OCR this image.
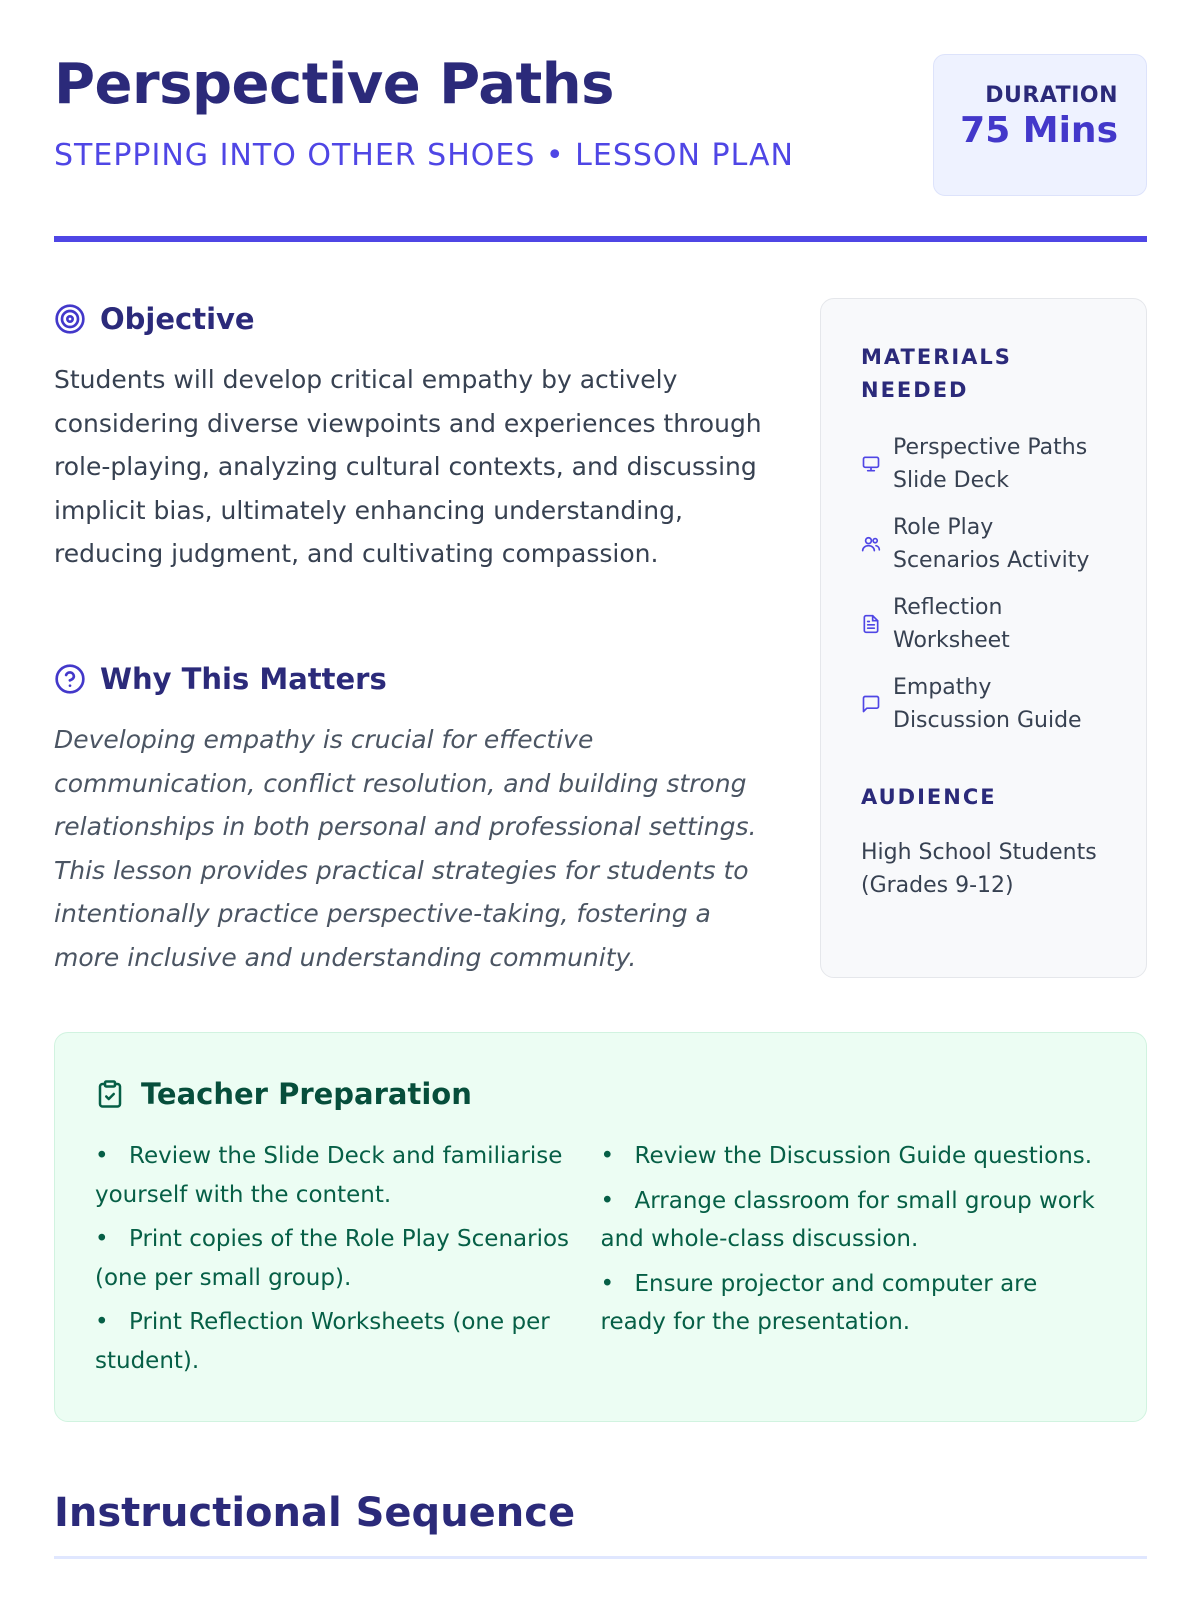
Perspective Paths
STEPPING INTO OTHER SHOES • LESSON PLAN
DURATION
75 Mins
Objective

Students will develop critical empathy by actively considering diverse viewpoints and experiences through role-playing, analyzing cultural contexts, and discussing implicit bias, ultimately enhancing understanding, reducing judgment, and cultivating compassion.

Why This Matters

Developing empathy is crucial for effective communication, conflict resolution, and building strong relationships in both personal and professional settings. This lesson provides practical strategies for students to intentionally practice perspective-taking, fostering a more inclusive and understanding community.

MATERIALS NEEDED
Perspective Paths Slide Deck
Role Play Scenarios Activity
Reflection Worksheet
Empathy Discussion Guide
AUDIENCE
High School Students (Grades 9-12)
Teacher Preparation
• Review the Slide Deck and familiarise yourself with the content.
• Print copies of the Role Play Scenarios (one per small group).
• Print Reflection Worksheets (one per student).
• Review the Discussion Guide questions.
• Arrange classroom for small group work and whole-class discussion.
• Ensure projector and computer are ready for the presentation.
Instructional Sequence
